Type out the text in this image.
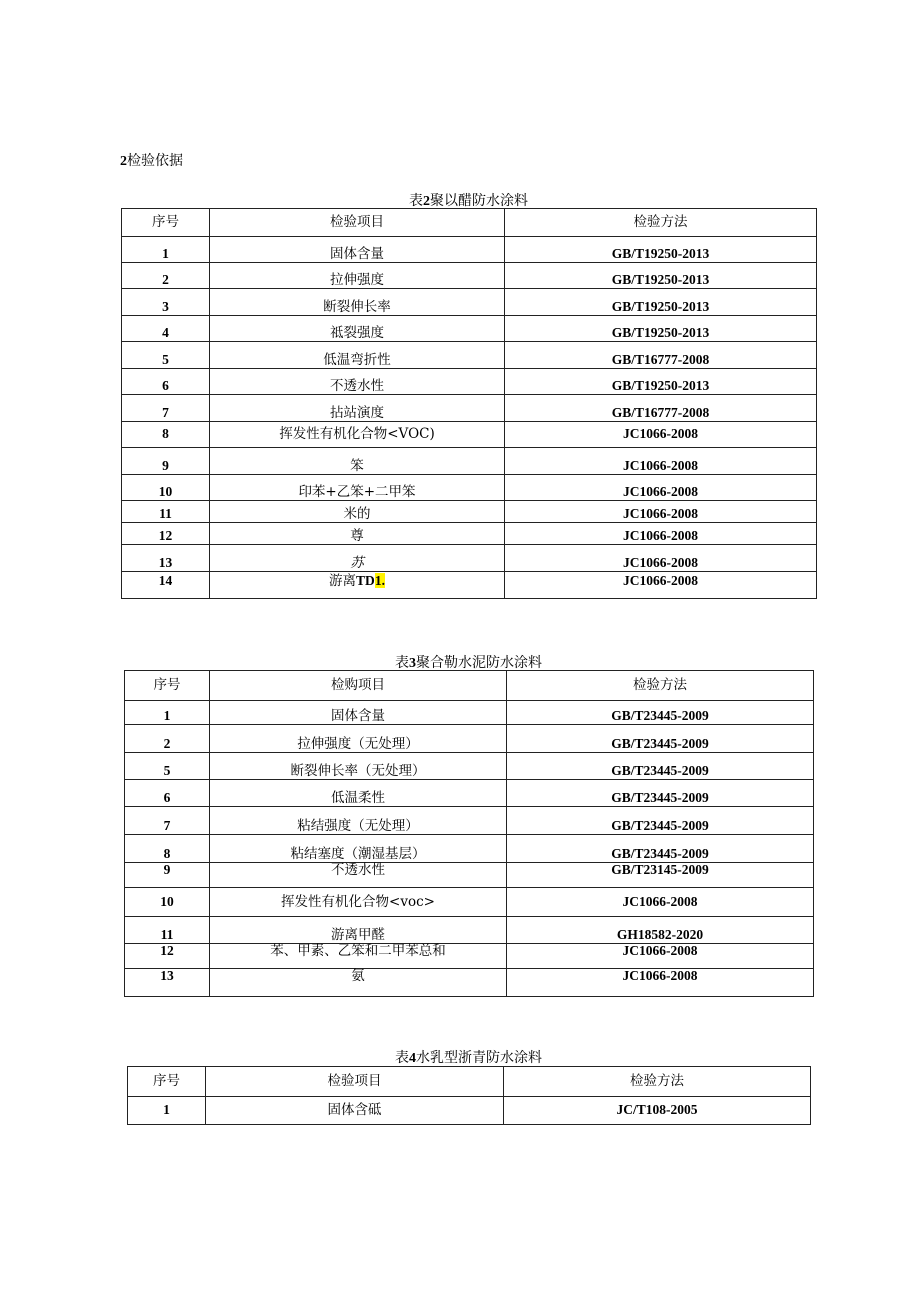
2检验依据
表2聚以醋防水涂料
序号	检验项目	检验方法
1	固体含量	GB/T19250-2013
2	拉伸强度	GB/T19250-2013
3	断裂伸长率	GB/T19250-2013
4	祗裂强度	GB/T19250-2013
5	低温弯折性	GB/T16777-2008
6	不透水性	GB/T19250-2013
7	拈站演度	GB/T16777-2008
8	挥发性有机化合物<VOC)	JC1066-2008
9	笨	JC1066-2008
10	印苯+乙笨+二甲笨	JC1066-2008
11	米的	JC1066-2008
12	尊	JC1066-2008
13	苏	JC1066-2008
14	游离TD1.	JC1066-2008
表3聚合勒水泥防水涂料
序号	检购项目	检验方法
1	固体含量	GB/T23445-2009
2	拉伸强度（无处理）	GB/T23445-2009
5	断裂伸长率（无处理）	GB/T23445-2009
6	低温柔性	GB/T23445-2009
7	粘结强度（无处理）	GB/T23445-2009
8	粘结塞度（潮湿基层）	GB/T23445-2009
9	不透水性	GB/T23145-2009
10	挥发性有机化合物<voc>	JC1066-2008
11	游离甲醛	GH18582-2020
12	苯、甲素、乙笨和二甲苯总和	JC1066-2008
13	氨	JC1066-2008
表4水乳型浙青防水涂料
序号	检验项目	检验方法
1	固体含砥	JC/T108-2005
